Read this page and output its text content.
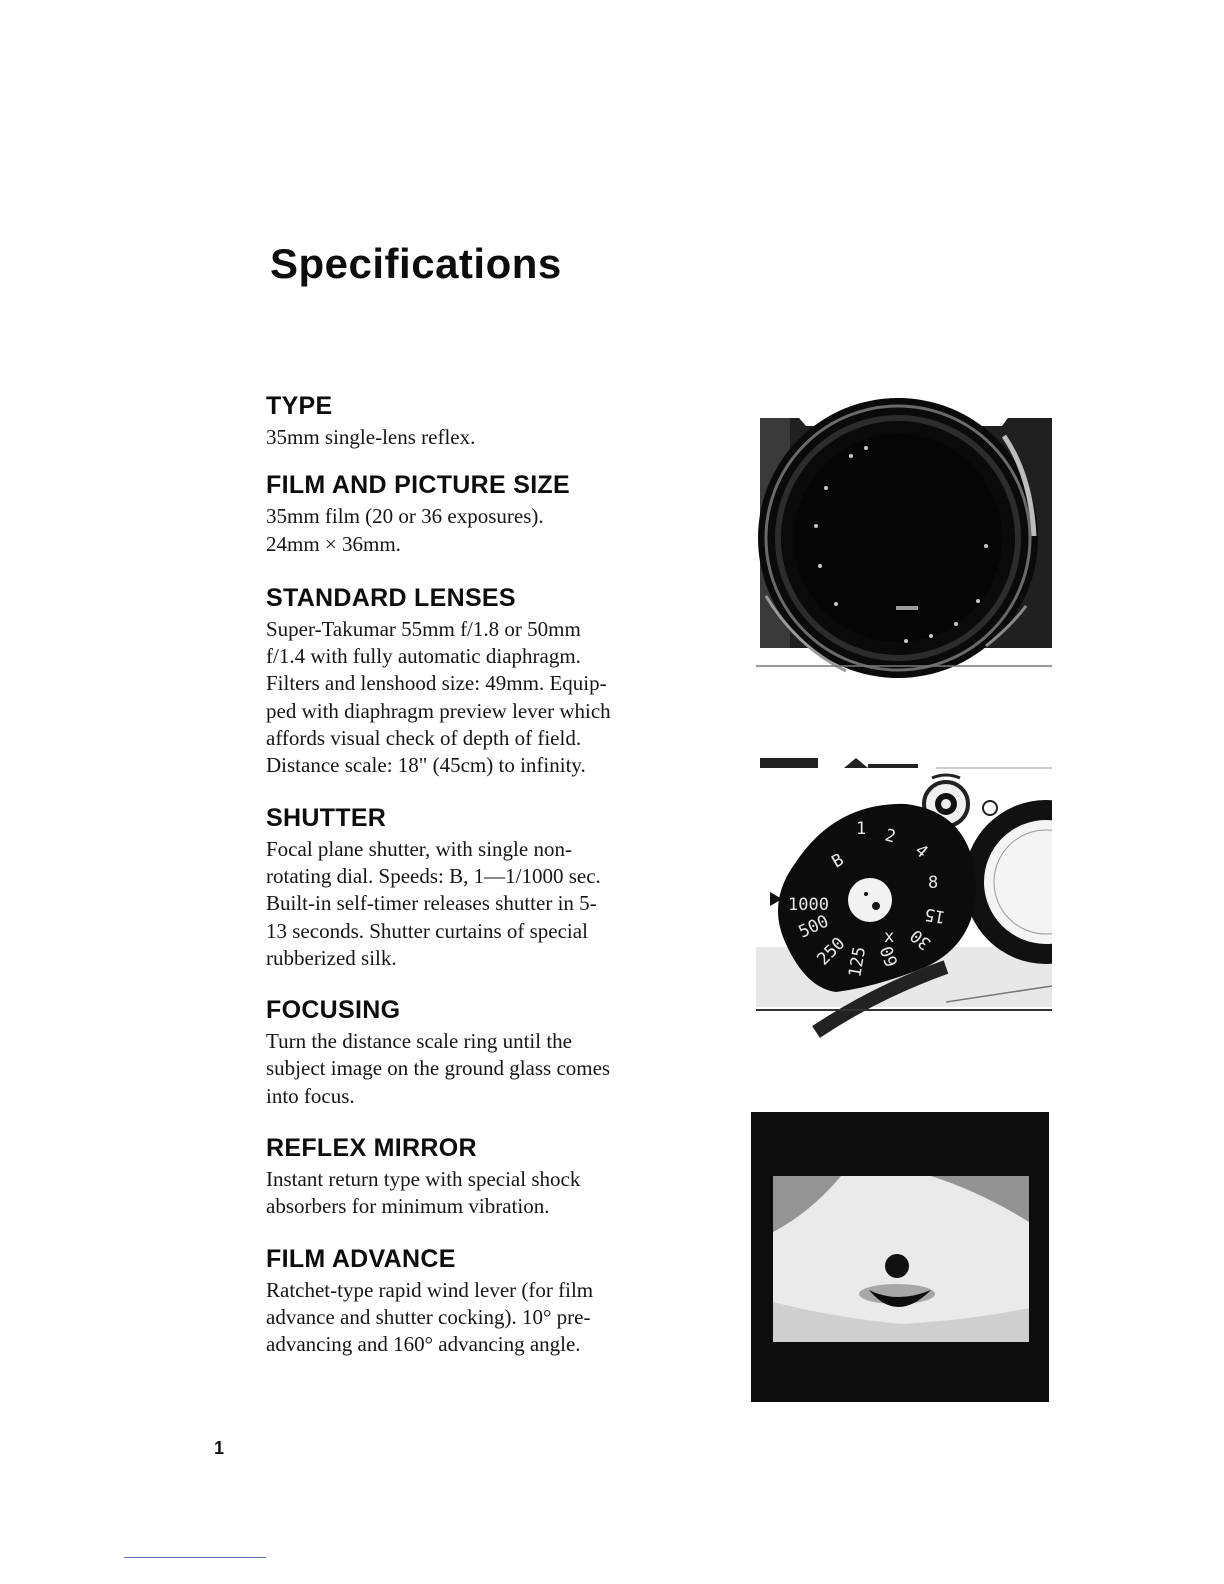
Specifications
TYPE

35mm single-lens reflex.

FILM AND PICTURE SIZE

35mm film (20 or 36 exposures).
24mm × 36mm.

STANDARD LENSES

Super-Takumar 55mm f/1.8 or 50mm
f/1.4 with fully automatic diaphragm.
Filters and lenshood size: 49mm. Equip-
ped with diaphragm preview lever which
affords visual check of depth of field.
Distance scale: 18" (45cm) to infinity.

SHUTTER

Focal plane shutter, with single non-
rotating dial. Speeds: B, 1—1/1000 sec.
Built-in self-timer releases shutter in 5-
13 seconds. Shutter curtains of special
rubberized silk.

FOCUSING

Turn the distance scale ring until the
subject image on the ground glass comes
into focus.

REFLEX MIRROR

Instant return type with special shock
absorbers for minimum vibration.

FILM ADVANCE

Ratchet-type rapid wind lever (for film
advance and shutter cocking). 10° pre-
advancing and 160° advancing angle.

1000
500
250
125
x
60
30
15
8
4
2
1
B
1
